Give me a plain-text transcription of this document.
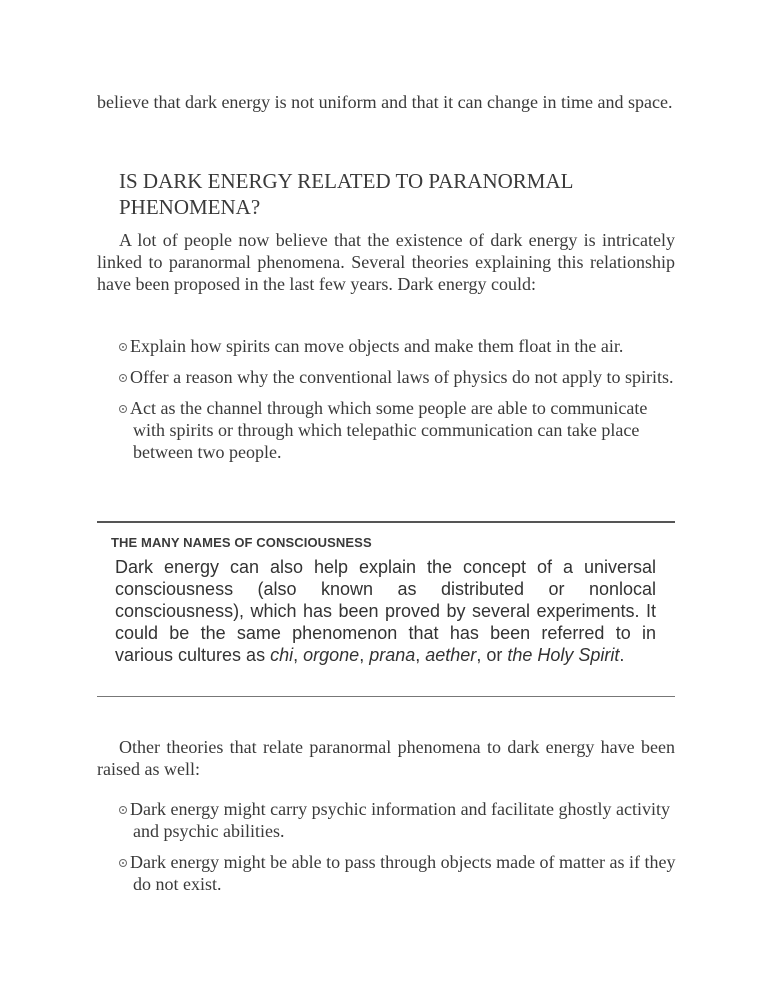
believe that dark energy is not uniform and that it can change in time and space.

IS DARK ENERGY RELATED TO PARANORMAL PHENOMENA?

A lot of people now believe that the existence of dark energy is intricately linked to paranormal phenomena. Several theories explaining this relationship have been proposed in the last few years. Dark energy could:

Explain how spirits can move objects and make them float in the air.
Offer a reason why the conventional laws of physics do not apply to spirits.
Act as the channel through which some people are able to communicate with spirits or through which telepathic communication can take place between two people.
THE MANY NAMES OF CONSCIOUSNESS

Dark energy can also help explain the concept of a universal consciousness (also known as distributed or nonlocal consciousness), which has been proved by several experiments. It could be the same phenomenon that has been referred to in various cultures as chi, orgone, prana, aether, or the Holy Spirit.

Other theories that relate paranormal phenomena to dark energy have been raised as well:

Dark energy might carry psychic information and facilitate ghostly activity and psychic abilities.
Dark energy might be able to pass through objects made of matter as if they do not exist.
